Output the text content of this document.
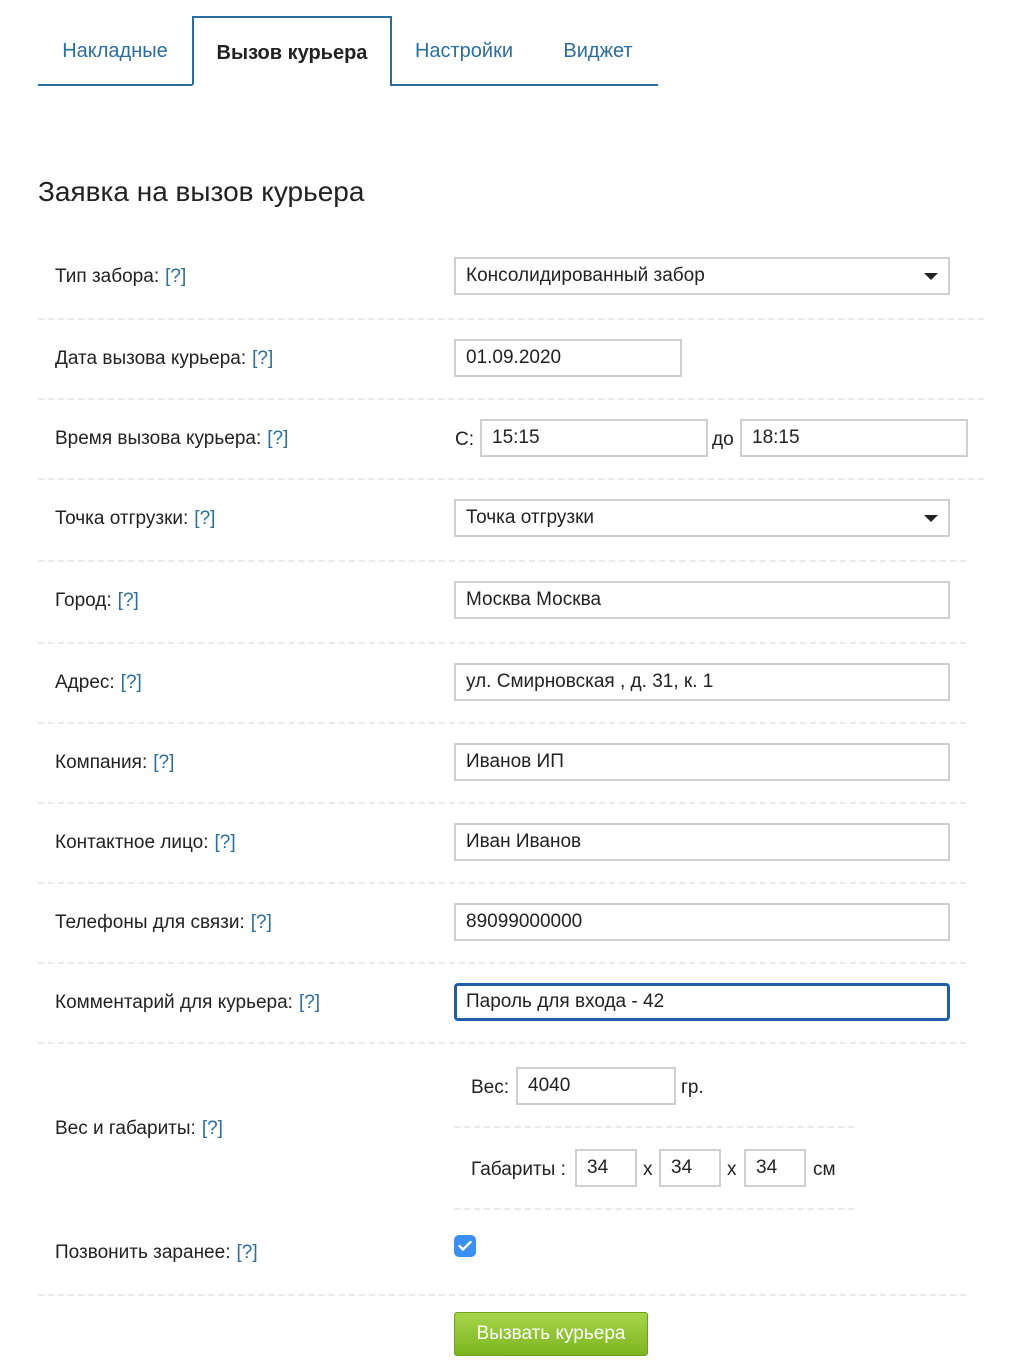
Накладные	Вызов курьера	Настройки	Виджет
Заявка на вызов курьера
Тип забора: [?]	Консолидированный забор
Дата вызова курьера: [?]	01.09.2020
Время вызова курьера: [?]	С: 15:15	до 18:15
Точка отгрузки: [?]	Точка отгрузки
Город: [?]	Москва Москва
Адрес: [?]	ул. Смирновская , д. 31, к. 1
Компания: [?]	Иванов ИП
Контактное лицо: [?]	Иван Иванов
Телефоны для связи: [?]	89099000000
Комментарий для курьера: [?]	Пароль для входа - 42
Вес и габариты: [?]
Вес: 4040	гр.
Габариты :	34	x 34	x	34	см
Позвонить заранее: [?]
Вызвать курьера
